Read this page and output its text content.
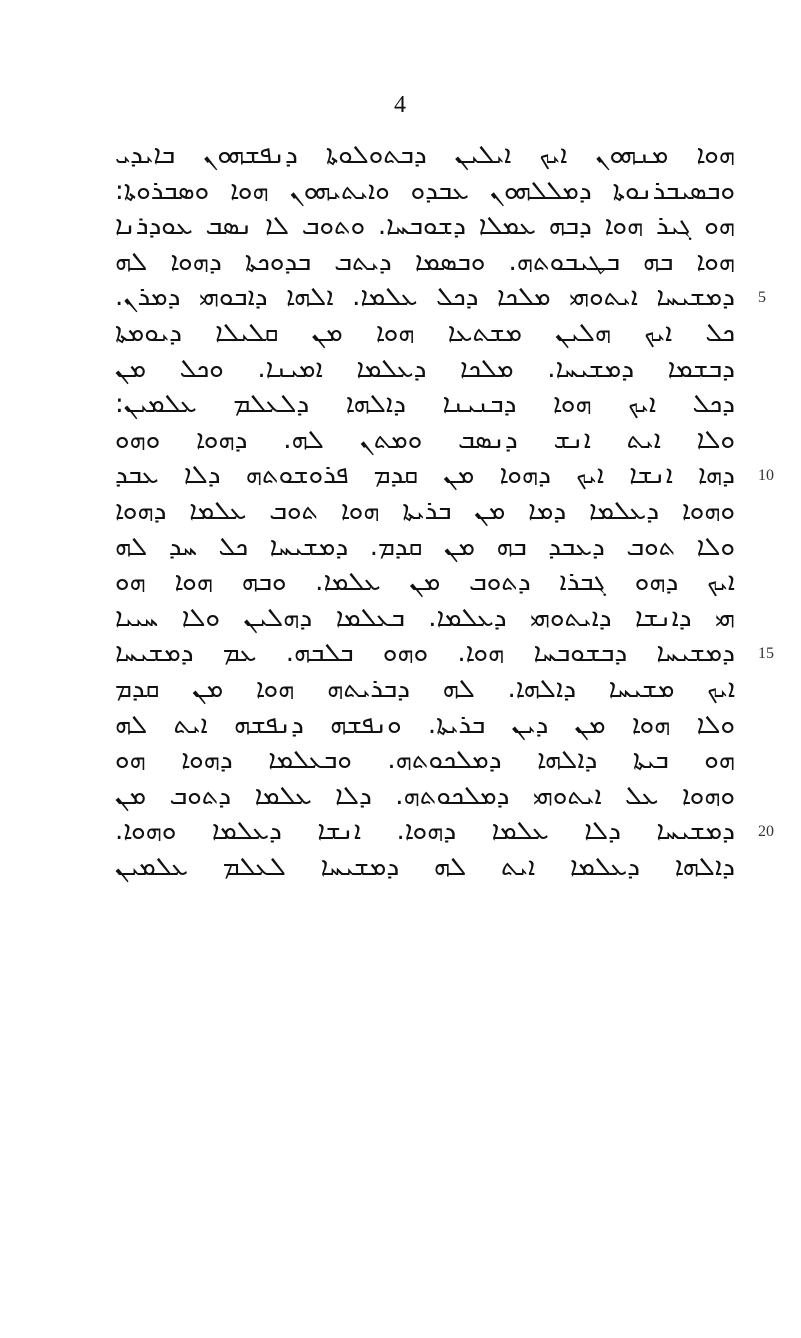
4
ܗܘܐ ܡܢܗܘܢ ܐܝܟ ܐܝܠܝܢ ܕܒܬܘܠܘܬܐ ܕܢܦܫܗܘܢ ܒܐܝܕܝ
ܘܒܣܝܒܪܢܘܬܐ ܕܡܠܠܗܘܢ ܥܒܕܘ ܘܐܝܬܝܗܘܢ ܗܘܐ ܘܣܒܪܘܬܐ:
ܗܘ ܓܝܪ ܗܘܐ ܕܒܗ ܥܡܠܐ ܕܫܘܒܚܐ. ܘܬܘܒ ܠܐ ܢܣܒ ܥܘܕܪܢܐ
ܗܘܐ ܒܗ ܒܛܝܒܘܬܗ. ܘܒܣܡܐ ܕܝܬܒ ܒܕܘܟܬܐ ܕܗܘܐ ܠܗ
ܕܡܫܝܚܐ ܐܝܬܘܗܝ ܡܠܟܐ ܕܟܠ ܥܠܡܐ. ܐܠܗܐ ܕܐܒܘܗܝ ܕܡܪܢ.
ܟܠ ܐܝܟ ܗܠܝܢ ܡܫܬܥܐ ܗܘܐ ܡܢ ܩܠܝܠܐ ܕܝܘܡܬܐ
ܕܒܫܡܐ ܕܡܫܝܚܐ. ܡܠܟܐ ܕܥܠܡܐ ܐܡܝܢܐ. ܘܟܠ ܡܢ
ܕܟܠ ܐܝܟ ܗܘܐ ܕܒܢܝܢܐ ܕܐܠܗܐ ܕܠܥܠܡ ܥܠܡܝܢ:
ܘܠܐ ܐܝܬ ܐܢܫ ܕܢܣܒ ܘܡܬܢ ܠܗ. ܕܗܘܐ ܘܗܘ
ܕܗܐ ܐܢܫܐ ܐܝܟ ܕܗܘܐ ܡܢ ܩܕܡ ܦܪܘܫܘܬܗ ܕܠܐ ܥܒܕ
ܘܗܘܐ ܕܥܠܡܐ ܕܡܐ ܡܢ ܒܪܝܬܐ ܗܘܐ ܬܘܒ ܥܠܡܐ ܕܗܘܐ
ܘܠܐ ܬܘܒ ܕܥܒܕ ܒܗ ܡܢ ܩܕܡ. ܕܡܫܝܚܐ ܟܠ ܚܕ ܠܗ
ܐܝܟ ܕܗܘ ܓܒܪܐ ܕܬܘܒ ܡܢ ܥܠܡܐ. ܘܒܗ ܗܘܐ ܗܘ
ܗܝ ܕܐܢܫܐ ܕܐܝܬܘܗܝ ܕܥܠܡܐ. ܒܥܠܡܐ ܕܗܠܝܢ ܘܠܐ ܚܝܝܐ
ܕܡܫܝܚܐ ܕܒܫܘܒܚܐ ܗܘܐ. ܘܗܘ ܒܠܒܗ. ܥܡ ܕܡܫܝܚܐ
ܐܝܟ ܡܫܝܚܐ ܕܐܠܗܐ. ܠܗ ܕܒܪܝܬܗ ܗܘܐ ܡܢ ܩܕܡ
ܘܠܐ ܗܘܐ ܡܢ ܕܝܢ ܒܪܝܬܐ. ܘܢܦܫܗ ܕܢܦܫܗ ܐܝܬ ܠܗ
ܗܘ ܒܝܬܐ ܕܐܠܗܐ ܕܡܠܟܘܬܗ. ܘܒܥܠܡܐ ܕܗܘܐ ܗܘ
ܘܗܘܐ ܥܠ ܐܝܬܘܗܝ ܕܡܠܟܘܬܗ. ܕܠܐ ܥܠܡܐ ܕܬܘܒ ܡܢ
ܕܡܫܝܚܐ ܕܠܐ ܥܠܡܐ ܕܗܘܐ. ܐܢܫܐ ܕܥܠܡܐ ܘܗܘܐ.
ܕܐܠܗܐ ܕܥܠܡܐ ܐܝܬ ܠܗ ܕܡܫܝܚܐ ܠܥܠܡ ܥܠܡܝܢ
5
10
15
20
